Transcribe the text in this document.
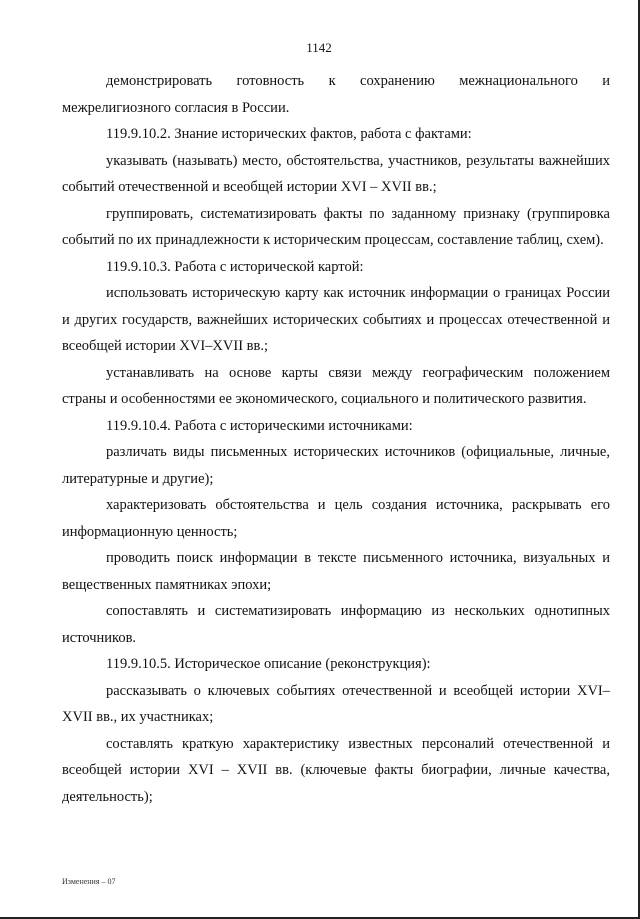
1142

демонстрировать готовность к сохранению межнационального и межрелигиозного согласия в России.

119.9.10.2. Знание исторических фактов, работа с фактами:

указывать (называть) место, обстоятельства, участников, результаты важнейших событий отечественной и всеобщей истории XVI – XVII вв.;

группировать, систематизировать факты по заданному признаку (группировка событий по их принадлежности к историческим процессам, составление таблиц, схем).

119.9.10.3. Работа с исторической картой:

использовать историческую карту как источник информации о границах России и других государств, важнейших исторических событиях и процессах отечественной и всеобщей истории XVI–XVII вв.;

устанавливать на основе карты связи между географическим положением страны и особенностями ее экономического, социального и политического развития.

119.9.10.4. Работа с историческими источниками:

различать виды письменных исторических источников (официальные, личные, литературные и другие);

характеризовать обстоятельства и цель создания источника, раскрывать его информационную ценность;

проводить поиск информации в тексте письменного источника, визуальных и вещественных памятниках эпохи;

сопоставлять и систематизировать информацию из нескольких однотипных источников.

119.9.10.5. Историческое описание (реконструкция):

рассказывать о ключевых событиях отечественной и всеобщей истории XVI–XVII вв., их участниках;

составлять краткую характеристику известных персоналий отечественной и всеобщей истории XVI – XVII вв. (ключевые факты биографии, личные качества, деятельность);

Изменения – 07
